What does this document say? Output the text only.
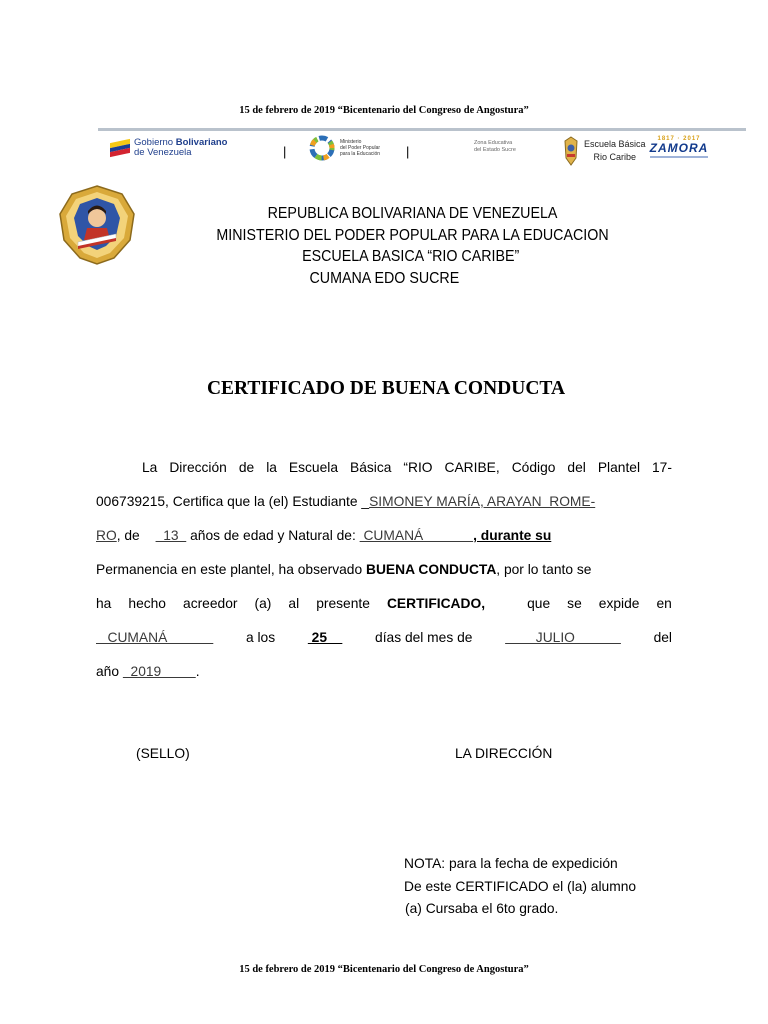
15 de febrero de 2019 “Bicentenario del Congreso de Angostura”
Gobierno Bolivariano
de Venezuela	|
Ministerio
del Poder Popular
para la Educación |
Zona Educativa
del Estado Sucre
Escuela Básica
Rio Caribe
1817 · 2017
ZAMORA
REPUBLICA BOLIVARIANA DE VENEZUELA
MINISTERIO DEL PODER POPULAR PARA LA EDUCACION
ESCUELA BASICA “RIO CARIBE”
CUMANA EDO SUCRE
CERTIFICADO DE BUENA CONDUCTA
La Dirección de la Escuela Básica “RIO CARIBE, Código del Plantel 17-
006739215, Certifica que la (el) Estudiante _SIMONEY MARÍA, ARAYAN  ROME-
RO, de   13   años de edad y Natural de:  CUMANÁ             , durante su
Permanencia en este plantel, ha observado BUENA CONDUCTA, por lo tanto se
ha hecho acreedor (a) al presente CERTIFICADO,	que se expide en
CUMANÁ a los 25 días del mes de JULIO del
año   2019         .
(SELLO)	LA DIRECCIÓN
NOTA: para la fecha de expedición
De este CERTIFICADO el (la) alumno
(a) Cursaba el 6to grado.
15 de febrero de 2019 “Bicentenario del Congreso de Angostura”
